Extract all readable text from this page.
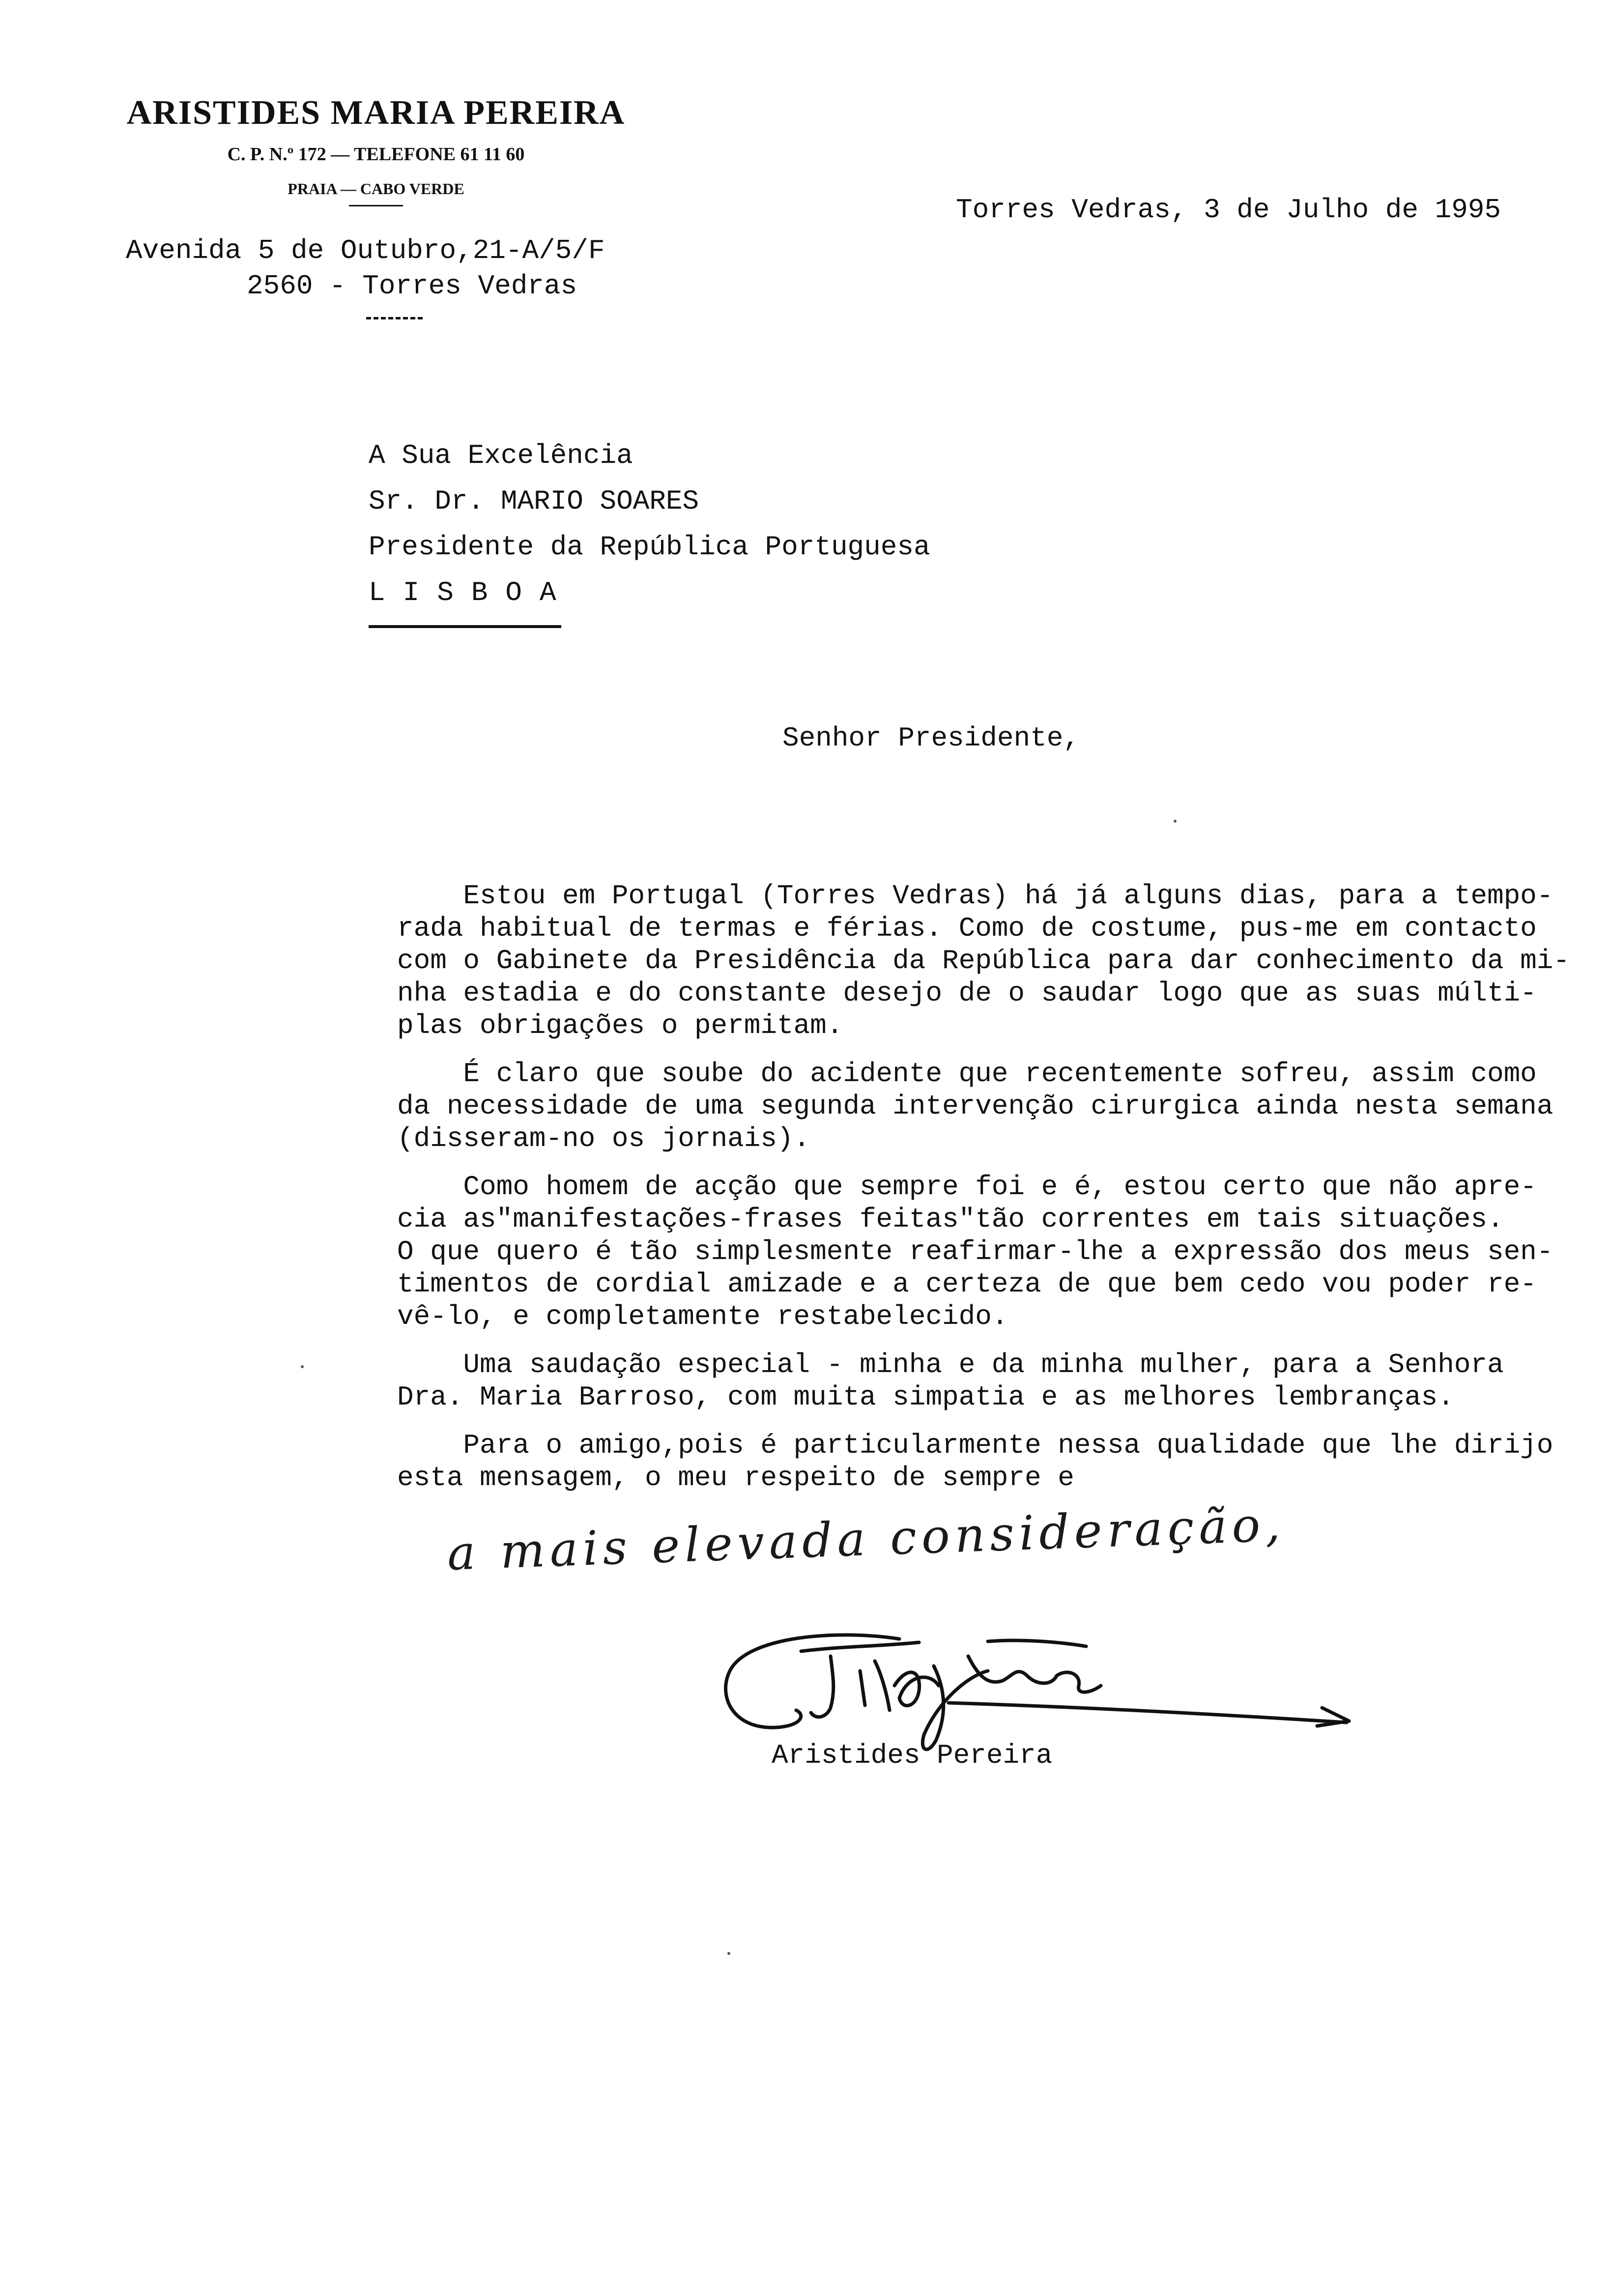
ARISTIDES MARIA PEREIRA
C. P. N.º 172 — TELEFONE 61 11 60
PRAIA — CABO VERDE
Avenida 5 de Outubro,21-A/5/F
2560 - Torres Vedras
Torres Vedras, 3 de Julho de 1995
A Sua Excelência
Sr. Dr. MARIO SOARES
Presidente da República Portuguesa
LISBOA
Senhor Presidente,
Estou em Portugal (Torres Vedras) há já alguns dias, para a tempo-
rada habitual de termas e férias. Como de costume, pus-me em contacto
com o Gabinete da Presidência da República para dar conhecimento da mi-
nha estadia e do constante desejo de o saudar logo que as suas múlti-
plas obrigações o permitam.
É claro que soube do acidente que recentemente sofreu, assim como
da necessidade de uma segunda intervenção cirurgica ainda nesta semana
(disseram-no os jornais).
Como homem de acção que sempre foi e é, estou certo que não apre-
cia as"manifestações-frases feitas"tão correntes em tais situações.
O que quero é tão simplesmente reafirmar-lhe a expressão dos meus sen-
timentos de cordial amizade e a certeza de que bem cedo vou poder re-
vê-lo, e completamente restabelecido.
Uma saudação especial - minha e da minha mulher, para a Senhora
Dra. Maria Barroso, com muita simpatia e as melhores lembranças.
Para o amigo,pois é particularmente nessa qualidade que lhe dirijo
esta mensagem, o meu respeito de sempre e
a mais elevada consideração,
Aristides Pereira
